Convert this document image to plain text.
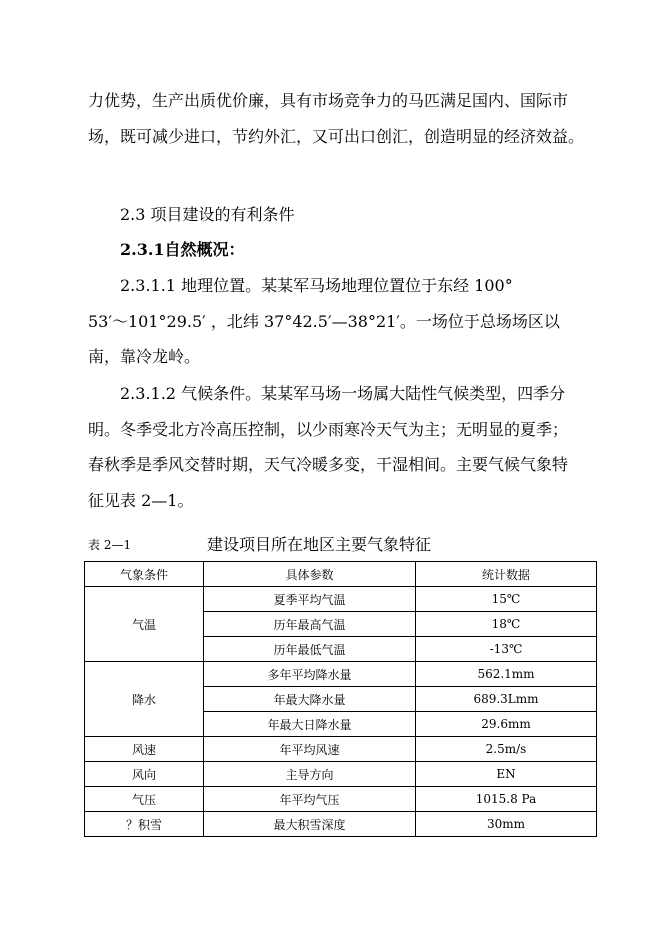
力优势，生产出质优价廉，具有市场竞争力的马匹满足国内、国际市
场，既可减少进口，节约外汇，又可出口创汇，创造明显的经济效益。
2.3 项目建设的有利条件
2.3.1自然概况：
2.3.1.1 地理位置。某某军马场地理位置位于东经 100°
53′～101°29.5′ ，北纬 37°42.5′—38°21′。一场位于总场场区以
南，靠冷龙岭。
2.3.1.2 气候条件。某某军马场一场属大陆性气候类型，四季分
明。冬季受北方冷高压控制，以少雨寒冷天气为主；无明显的夏季；
春秋季是季风交替时期，天气冷暖多变，干湿相间。主要气候气象特
征见表 2—1。
表 2—1	建设项目所在地区主要气象特征
气象条件	具体参数	统计数据
气温	夏季平均气温	15℃
	历年最高气温	18℃
	历年最低气温	-13℃
降水	多年平均降水量	562.1mm
	年最大降水量	689.3Lmm
	年最大日降水量	29.6mm
风速	年平均风速	2.5m/s
风向	主导方向	EN
气压	年平均气压	1015.8 Pa
？积雪	最大积雪深度	30mm
